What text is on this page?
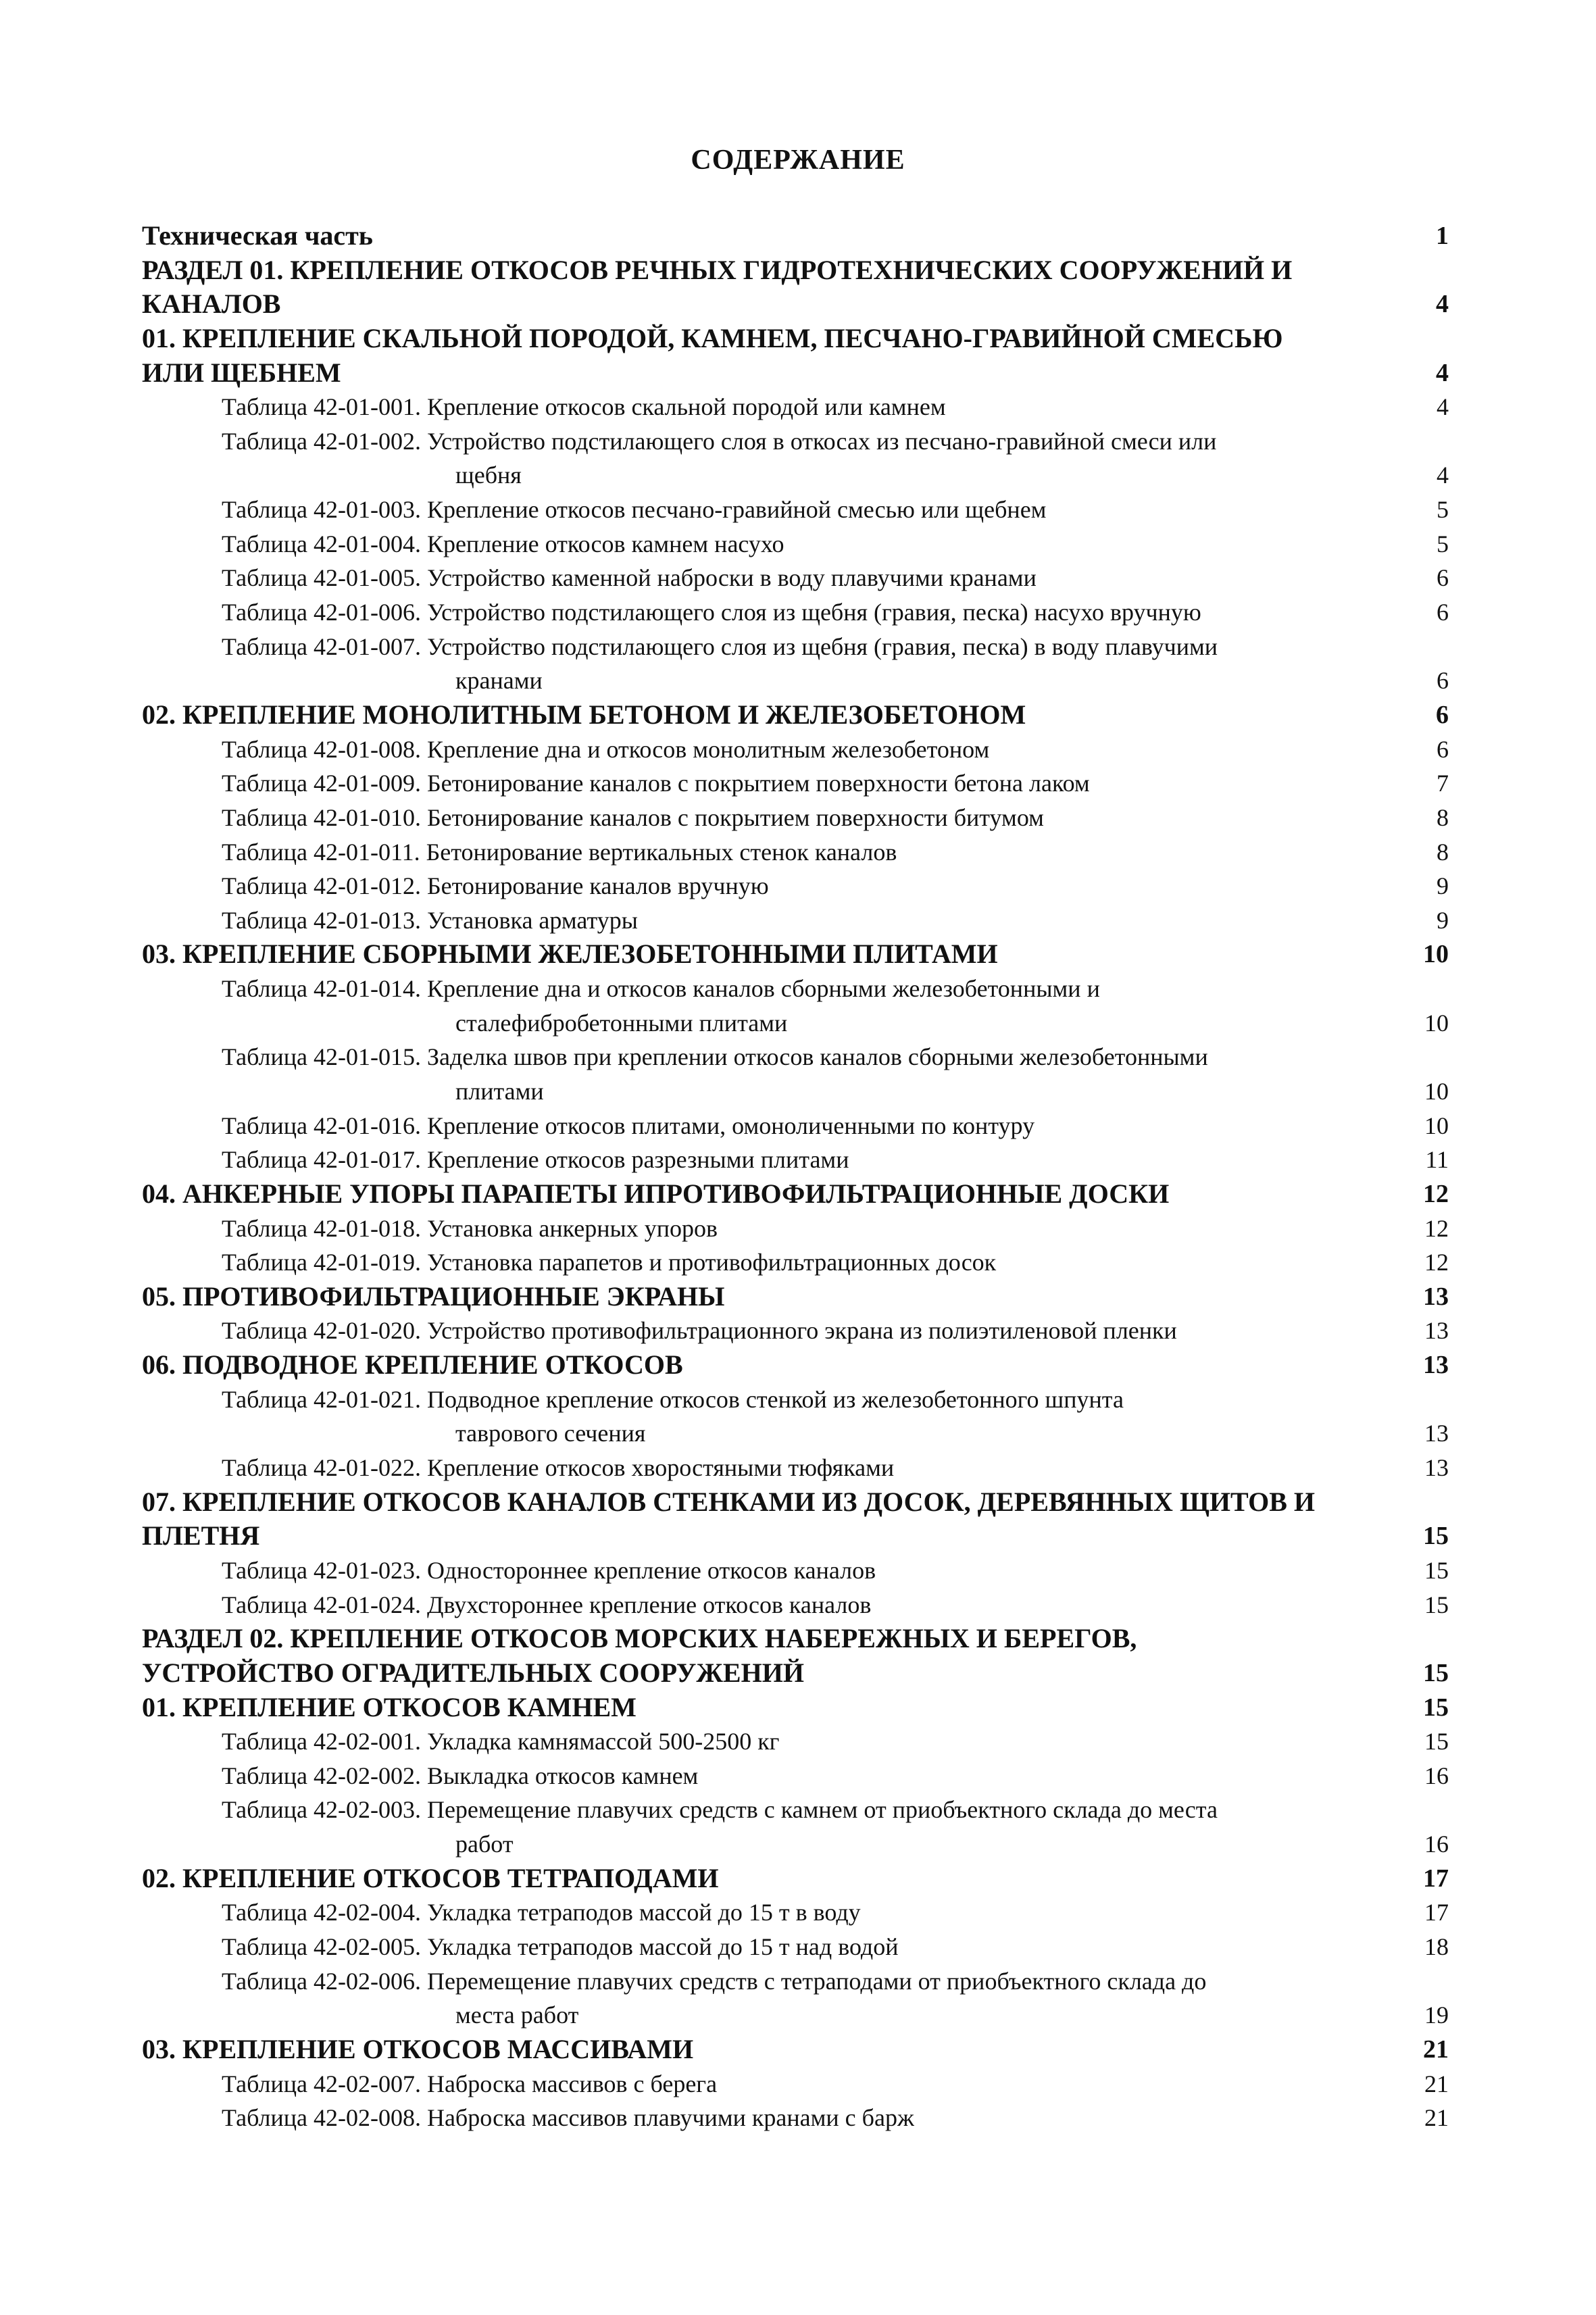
СОДЕРЖАНИЕ
Техническая часть	1
РАЗДЕЛ 01. КРЕПЛЕНИЕ ОТКОСОВ РЕЧНЫХ ГИДРОТЕХНИЧЕСКИХ СООРУЖЕНИЙ И
КАНАЛОВ	4
01. КРЕПЛЕНИЕ СКАЛЬНОЙ ПОРОДОЙ, КАМНЕМ, ПЕСЧАНО-ГРАВИЙНОЙ СМЕСЬЮ
ИЛИ ЩЕБНЕМ	4
Таблица 42-01-001. Крепление откосов скальной породой или камнем	4
Таблица 42-01-002. Устройство подстилающего слоя в откосах из песчано-гравийной смеси или
щебня	4
Таблица 42-01-003. Крепление откосов песчано-гравийной смесью или щебнем	5
Таблица 42-01-004. Крепление откосов камнем насухо	5
Таблица 42-01-005. Устройство каменной наброски в воду плавучими кранами	6
Таблица 42-01-006. Устройство подстилающего слоя из щебня (гравия, песка) насухо вручную	6
Таблица 42-01-007. Устройство подстилающего слоя из щебня (гравия, песка) в воду плавучими
кранами	6
02. КРЕПЛЕНИЕ МОНОЛИТНЫМ БЕТОНОМ И ЖЕЛЕЗОБЕТОНОМ	6
Таблица 42-01-008. Крепление дна и откосов монолитным железобетоном	6
Таблица 42-01-009. Бетонирование каналов с покрытием поверхности бетона лаком	7
Таблица 42-01-010. Бетонирование каналов с покрытием поверхности битумом	8
Таблица 42-01-011. Бетонирование вертикальных стенок каналов	8
Таблица 42-01-012. Бетонирование каналов вручную	9
Таблица 42-01-013. Установка арматуры	9
03. КРЕПЛЕНИЕ СБОРНЫМИ ЖЕЛЕЗОБЕТОННЫМИ ПЛИТАМИ	10
Таблица 42-01-014. Крепление дна и откосов каналов сборными железобетонными и
сталефибробетонными плитами	10
Таблица 42-01-015. Заделка швов при креплении откосов каналов сборными железобетонными
плитами	10
Таблица 42-01-016. Крепление откосов плитами, омоноличенными по контуру	10
Таблица 42-01-017. Крепление откосов разрезными плитами	11
04. АНКЕРНЫЕ УПОРЫ ПАРАПЕТЫ ИПРОТИВОФИЛЬТРАЦИОННЫЕ ДОСКИ	12
Таблица 42-01-018. Установка анкерных упоров	12
Таблица 42-01-019. Установка парапетов и противофильтрационных досок	12
05. ПРОТИВОФИЛЬТРАЦИОННЫЕ ЭКРАНЫ	13
Таблица 42-01-020. Устройство противофильтрационного экрана из полиэтиленовой пленки	13
06. ПОДВОДНОЕ КРЕПЛЕНИЕ ОТКОСОВ	13
Таблица 42-01-021. Подводное крепление откосов стенкой из железобетонного шпунта
таврового сечения	13
Таблица 42-01-022. Крепление откосов хворостяными тюфяками	13
07. КРЕПЛЕНИЕ ОТКОСОВ КАНАЛОВ СТЕНКАМИ ИЗ ДОСОК, ДЕРЕВЯННЫХ ЩИТОВ И
ПЛЕТНЯ	15
Таблица 42-01-023. Одностороннее крепление откосов каналов	15
Таблица 42-01-024. Двухстороннее крепление откосов каналов	15
РАЗДЕЛ 02. КРЕПЛЕНИЕ ОТКОСОВ МОРСКИХ НАБЕРЕЖНЫХ И БЕРЕГОВ,
УСТРОЙСТВО ОГРАДИТЕЛЬНЫХ СООРУЖЕНИЙ	15
01. КРЕПЛЕНИЕ ОТКОСОВ КАМНЕМ	15
Таблица 42-02-001. Укладка камнямассой 500-2500 кг	15
Таблица 42-02-002. Выкладка откосов камнем	16
Таблица 42-02-003. Перемещение плавучих средств с камнем от приобъектного склада до места
работ	16
02. КРЕПЛЕНИЕ ОТКОСОВ ТЕТРАПОДАМИ	17
Таблица 42-02-004. Укладка тетраподов массой до 15 т в воду	17
Таблица 42-02-005. Укладка тетраподов массой до 15 т над водой	18
Таблица 42-02-006. Перемещение плавучих средств с тетраподами от приобъектного склада до
места работ	19
03. КРЕПЛЕНИЕ ОТКОСОВ МАССИВАМИ	21
Таблица 42-02-007. Наброска массивов с берега	21
Таблица 42-02-008. Наброска массивов плавучими кранами с барж	21
